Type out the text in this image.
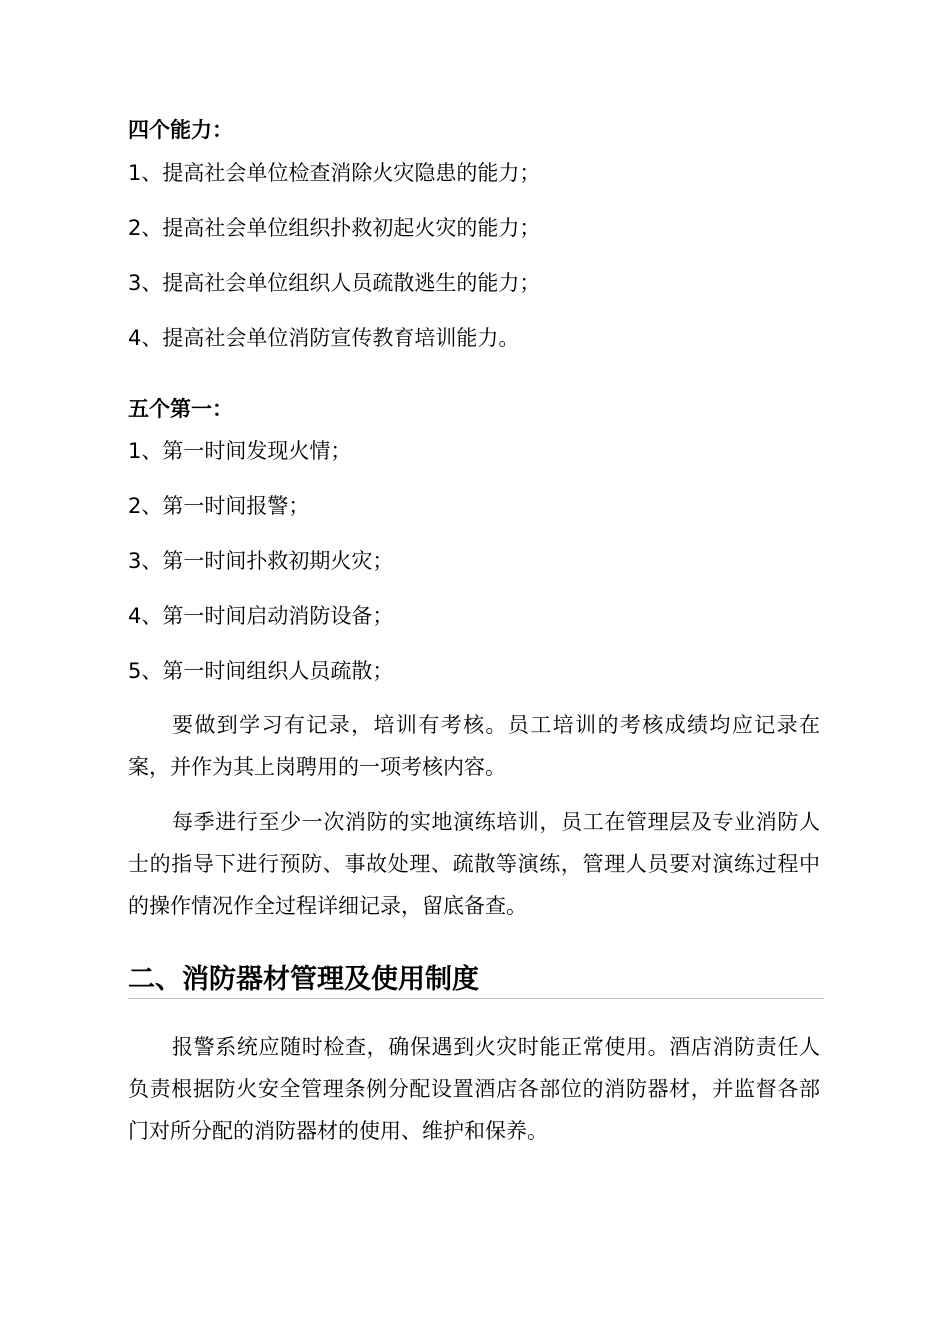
四个能力：
1、提高社会单位检查消除火灾隐患的能力；
2、提高社会单位组织扑救初起火灾的能力；
3、提高社会单位组织人员疏散逃生的能力；
4、提高社会单位消防宣传教育培训能力。
五个第一：
1、第一时间发现火情；
2、第一时间报警；
3、第一时间扑救初期火灾；
4、第一时间启动消防设备；
5、第一时间组织人员疏散；
要做到学习有记录，培训有考核。员工培训的考核成绩均应记录在案，并作为其上岗聘用的一项考核内容。
每季进行至少一次消防的实地演练培训，员工在管理层及专业消防人士的指导下进行预防、事故处理、疏散等演练，管理人员要对演练过程中的操作情况作全过程详细记录，留底备查。
二、消防器材管理及使用制度
报警系统应随时检查，确保遇到火灾时能正常使用。酒店消防责任人负责根据防火安全管理条例分配设置酒店各部位的消防器材，并监督各部门对所分配的消防器材的使用、维护和保养。
